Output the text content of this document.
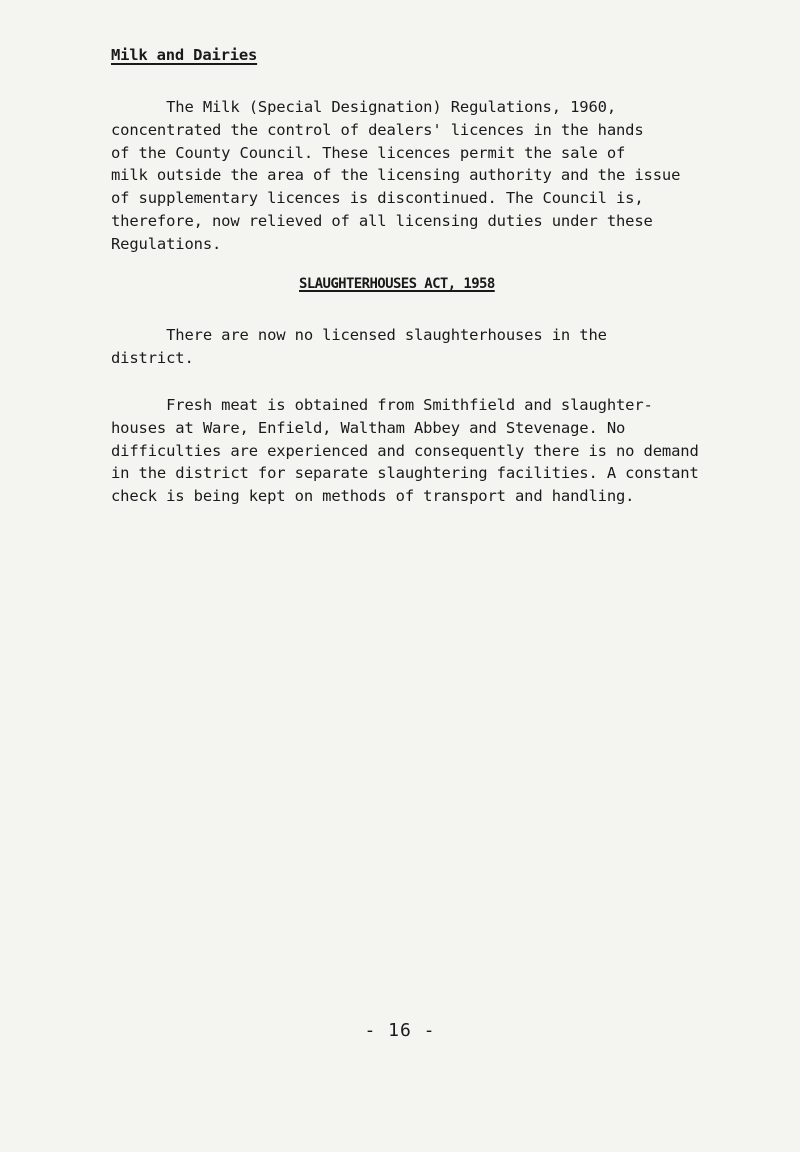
Milk and Dairies

The Milk (Special Designation) Regulations, 1960,
concentrated the control of dealers' licences in the hands
of the County Council. These licences permit the sale of
milk outside the area of the licensing authority and the issue
of supplementary licences is discontinued. The Council is,
therefore, now relieved of all licensing duties under these
Regulations.

SLAUGHTERHOUSES ACT, 1958

There are now no licensed slaughterhouses in the
district.

Fresh meat is obtained from Smithfield and slaughter-
houses at Ware, Enfield, Waltham Abbey and Stevenage. No
difficulties are experienced and consequently there is no demand
in the district for separate slaughtering facilities. A constant
check is being kept on methods of transport and handling.

- 16 -
